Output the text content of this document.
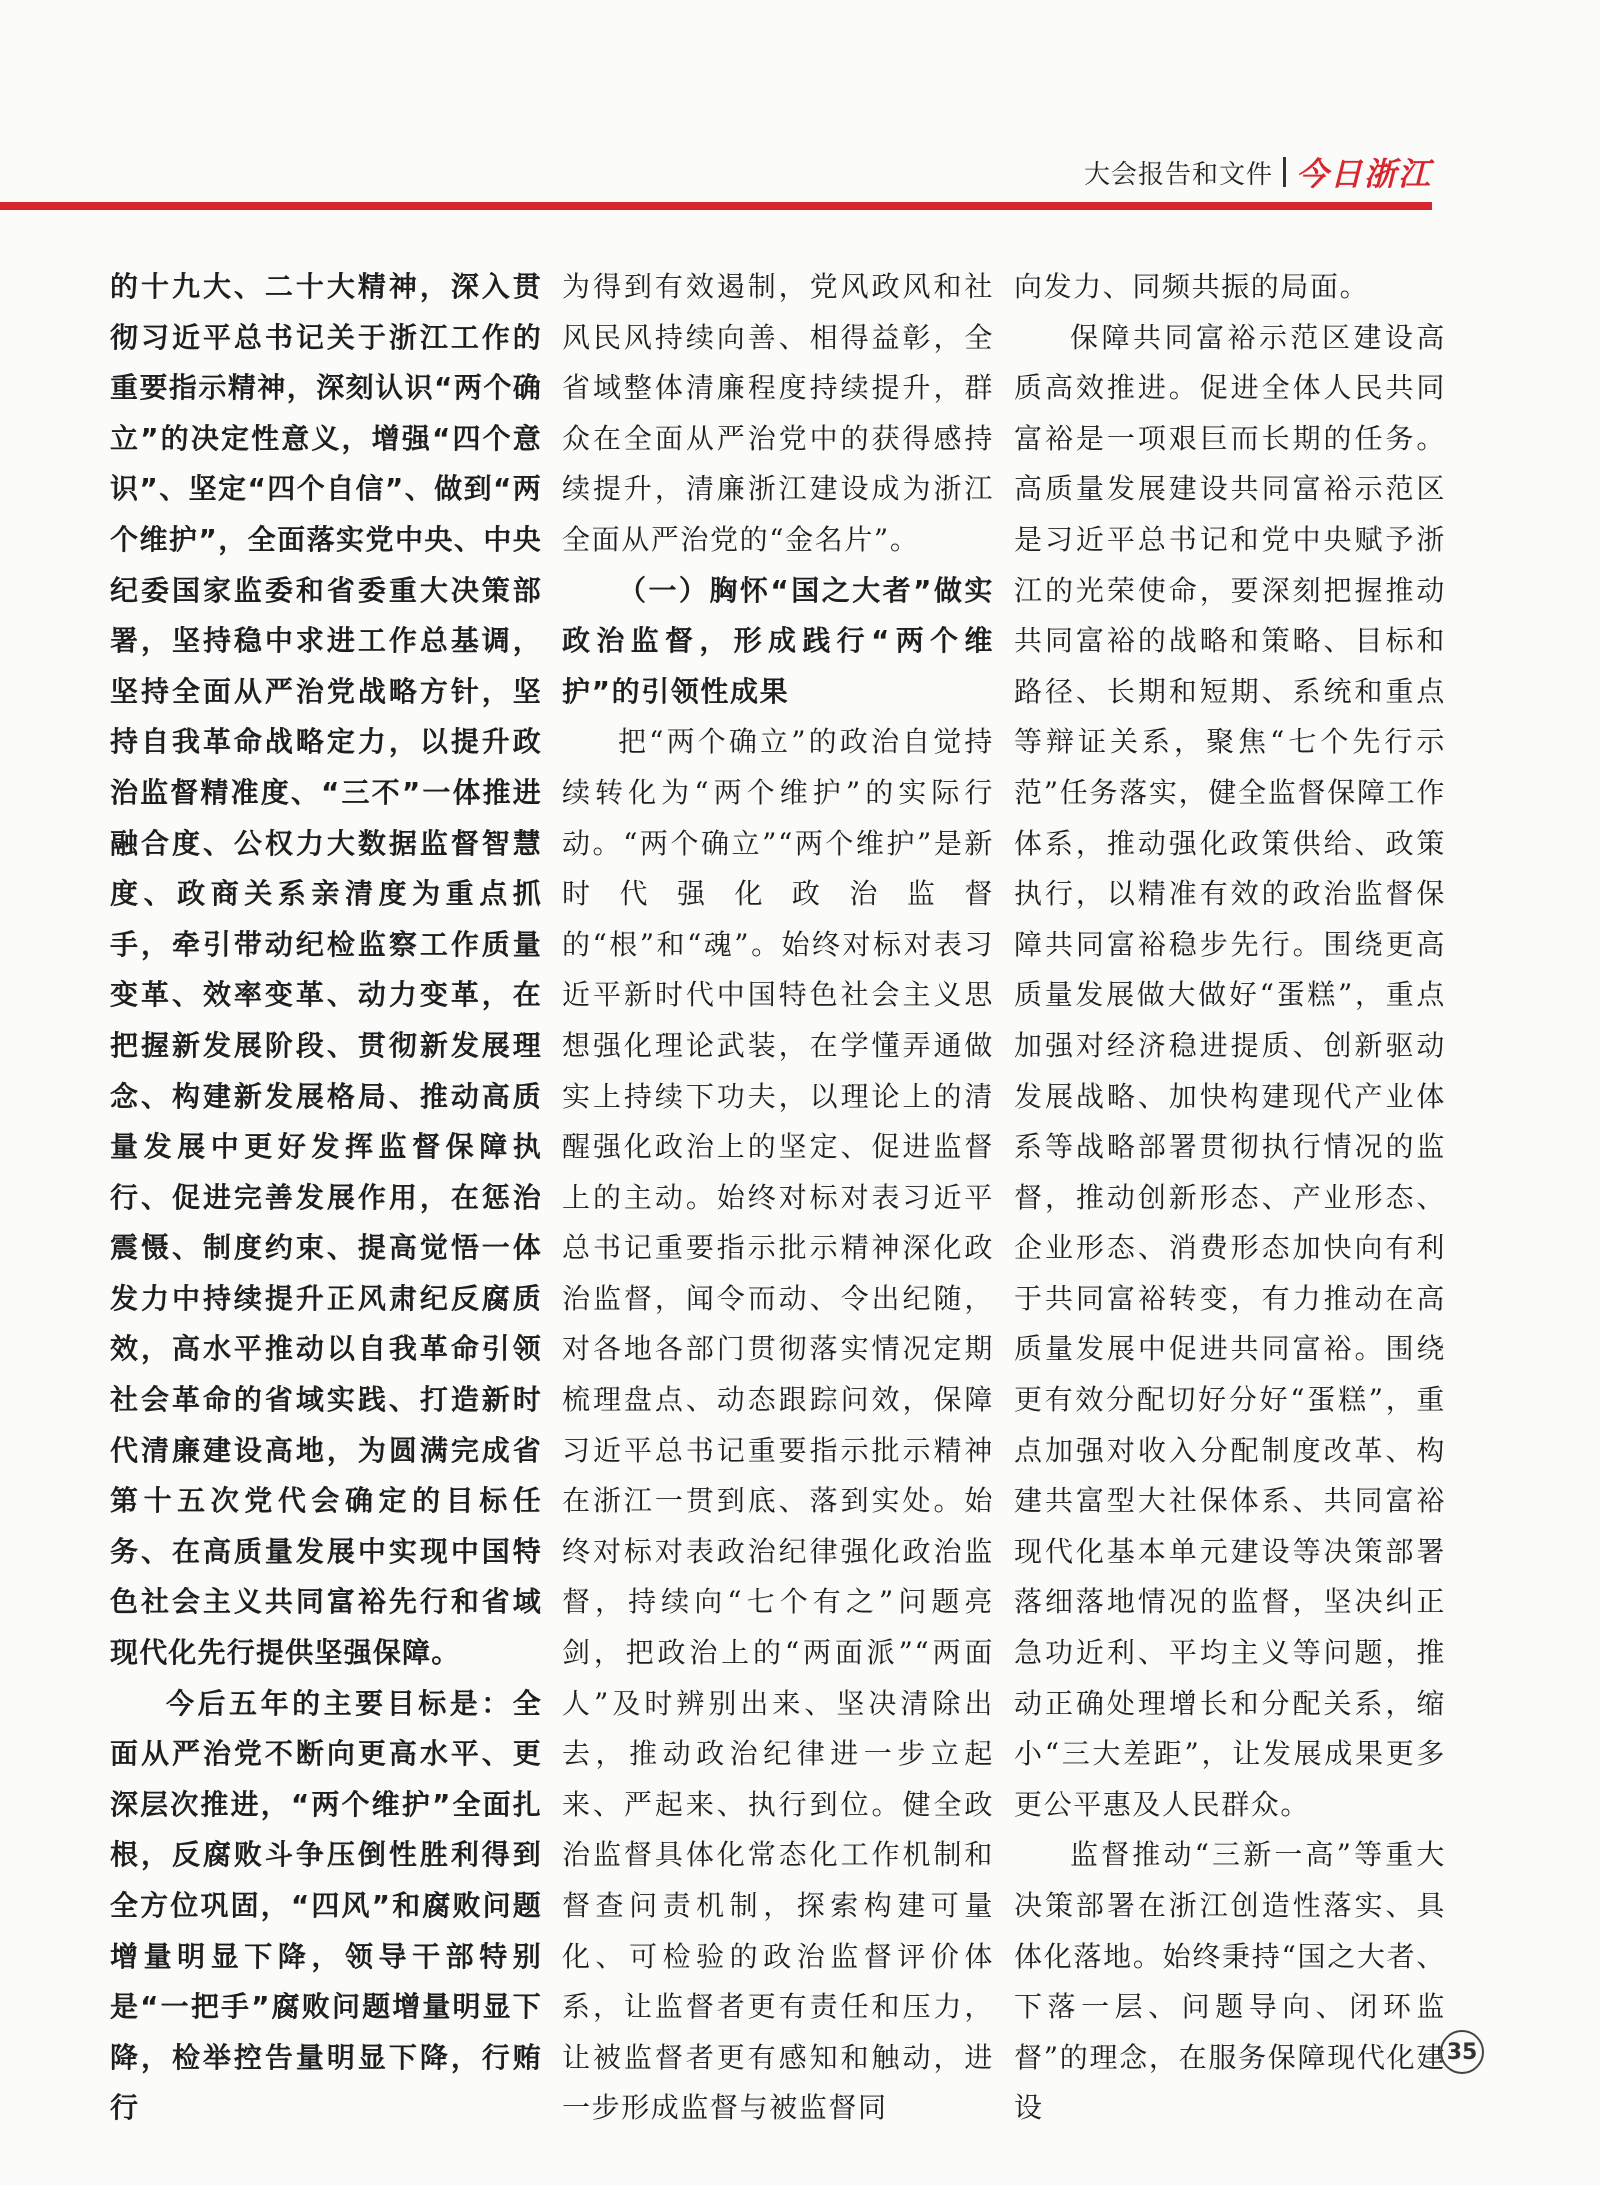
大会报告和文件 今日浙江

的十九大、二十大精神，深入贯彻习近平总书记关于浙江工作的重要指示精神，深刻认识“两个确立”的决定性意义，增强“四个意识”、坚定“四个自信”、做到“两个维护”，全面落实党中央、中央纪委国家监委和省委重大决策部署，坚持稳中求进工作总基调，坚持全面从严治党战略方针，坚持自我革命战略定力，以提升政治监督精准度、“三不”一体推进融合度、公权力大数据监督智慧度、政商关系亲清度为重点抓手，牵引带动纪检监察工作质量变革、效率变革、动力变革，在把握新发展阶段、贯彻新发展理念、构建新发展格局、推动高质量发展中更好发挥监督保障执行、促进完善发展作用，在惩治震慑、制度约束、提高觉悟一体发力中持续提升正风肃纪反腐质效，高水平推动以自我革命引领社会革命的省域实践、打造新时代清廉建设高地，为圆满完成省第十五次党代会确定的目标任务、在高质量发展中实现中国特色社会主义共同富裕先行和省域现代化先行提供坚强保障。

今后五年的主要目标是：全面从严治党不断向更高水平、更深层次推进，“两个维护”全面扎根，反腐败斗争压倒性胜利得到全方位巩固，“四风”和腐败问题增量明显下降，领导干部特别是“一把手”腐败问题增量明显下降，检举控告量明显下降，行贿行

为得到有效遏制，党风政风和社风民风持续向善、相得益彰，全省域整体清廉程度持续提升，群众在全面从严治党中的获得感持续提升，清廉浙江建设成为浙江全面从严治党的“金名片”。

（一）胸怀“国之大者”做实政治监督，形成践行“两个维护”的引领性成果

把“两个确立”的政治自觉持续转化为“两个维护”的实际行动。“两个确立”“两个维护”是新时代强化政治监督的“根”和“魂”。始终对标对表习近平新时代中国特色社会主义思想强化理论武装，在学懂弄通做实上持续下功夫，以理论上的清醒强化政治上的坚定、促进监督上的主动。始终对标对表习近平总书记重要指示批示精神深化政治监督，闻令而动、令出纪随，对各地各部门贯彻落实情况定期梳理盘点、动态跟踪问效，保障习近平总书记重要指示批示精神在浙江一贯到底、落到实处。始终对标对表政治纪律强化政治监督，持续向“七个有之”问题亮剑，把政治上的“两面派”“两面人”及时辨别出来、坚决清除出去，推动政治纪律进一步立起来、严起来、执行到位。健全政治监督具体化常态化工作机制和督查问责机制，探索构建可量化、可检验的政治监督评价体系，让监督者更有责任和压力，让被监督者更有感知和触动，进一步形成监督与被监督同

向发力、同频共振的局面。

保障共同富裕示范区建设高质高效推进。促进全体人民共同富裕是一项艰巨而长期的任务。高质量发展建设共同富裕示范区是习近平总书记和党中央赋予浙江的光荣使命，要深刻把握推动共同富裕的战略和策略、目标和路径、长期和短期、系统和重点等辩证关系，聚焦“七个先行示范”任务落实，健全监督保障工作体系，推动强化政策供给、政策执行，以精准有效的政治监督保障共同富裕稳步先行。围绕更高质量发展做大做好“蛋糕”，重点加强对经济稳进提质、创新驱动发展战略、加快构建现代产业体系等战略部署贯彻执行情况的监督，推动创新形态、产业形态、企业形态、消费形态加快向有利于共同富裕转变，有力推动在高质量发展中促进共同富裕。围绕更有效分配切好分好“蛋糕”，重点加强对收入分配制度改革、构建共富型大社保体系、共同富裕现代化基本单元建设等决策部署落细落地情况的监督，坚决纠正急功近利、平均主义等问题，推动正确处理增长和分配关系，缩小“三大差距”，让发展成果更多更公平惠及人民群众。

监督推动“三新一高”等重大决策部署在浙江创造性落实、具体化落地。始终秉持“国之大者、下落一层、问题导向、闭环监督”的理念，在服务保障现代化建设

35
